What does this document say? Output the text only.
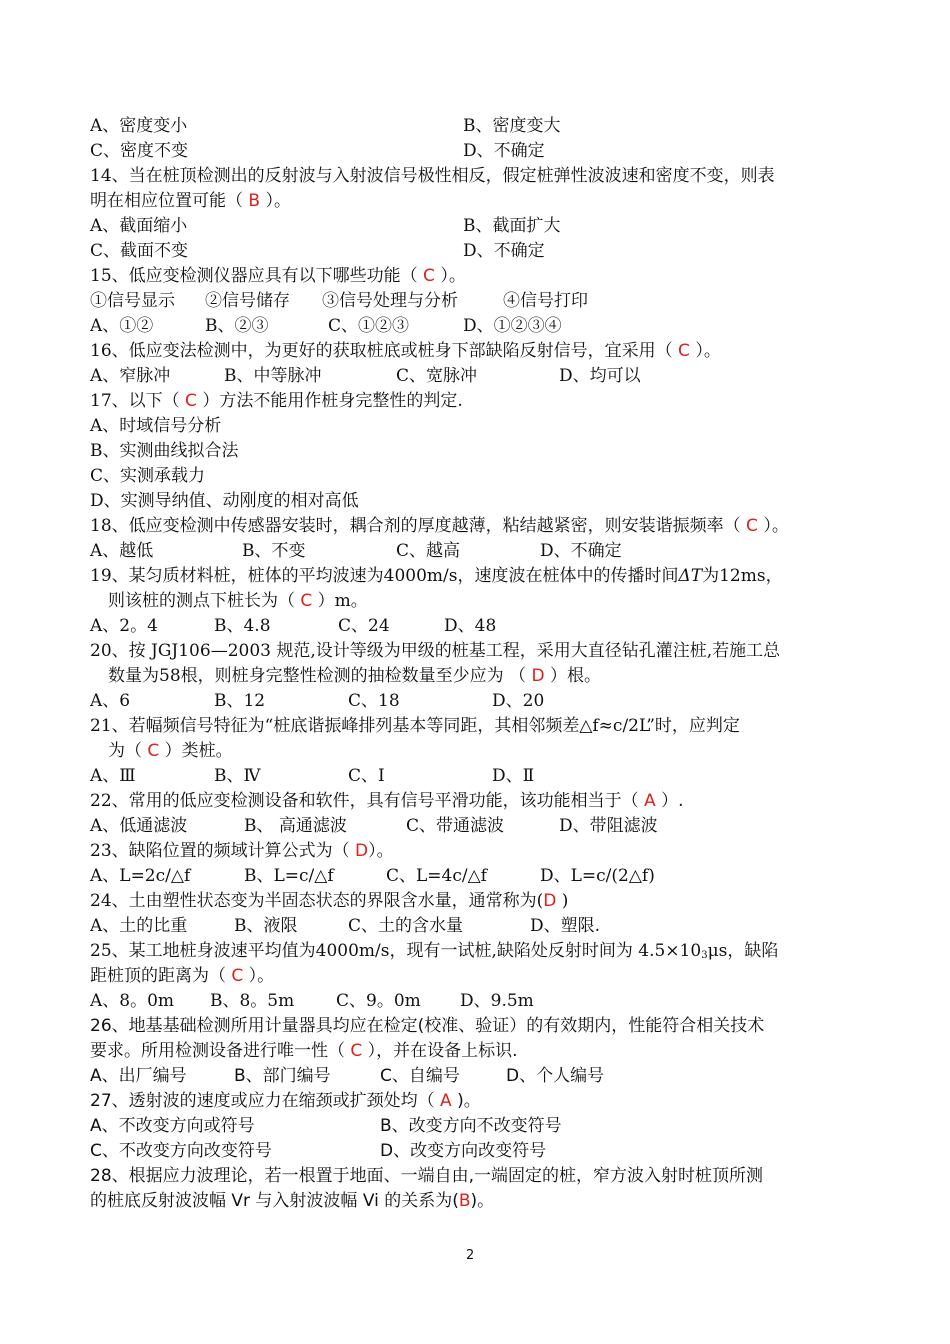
A、密度变小	B、密度变大
C、密度不变	D、不确定
14、当在桩顶检测出的反射波与入射波信号极性相反，假定桩弹性波波速和密度不变，则表
明在相应位置可能（ B ）。
A、截面缩小	B、截面扩大
C、截面不变	D、不确定
15、低应变检测仪器应具有以下哪些功能（ C ）。
①信号显示 ②信号储存 ③信号处理与分析	④信号打印
A、①②	B、②③	C、①②③	D、①②③④
16、低应变法检测中，为更好的获取桩底或桩身下部缺陷反射信号，宜采用（ C ）。
A、窄脉冲	B、中等脉冲	C、宽脉冲	D、均可以
17、以下（ C ）方法不能用作桩身完整性的判定.
A、时域信号分析
B、实测曲线拟合法
C、实测承载力
D、实测导纳值、动刚度的相对高低
18、低应变检测中传感器安装时，耦合剂的厚度越薄，粘结越紧密，则安装谐振频率（ C ）。
A、越低	B、不变	C、越高	D、不确定
19、某匀质材料桩，桩体的平均波速为4000m/s，速度波在桩体中的传播时间ΔT为12ms，
则该桩的测点下桩长为（ C ）m。
A、2。4	B、4.8	C、24	D、48
20、按 JGJ106—2003 规范,设计等级为甲级的桩基工程，采用大直径钻孔灌注桩,若施工总
数量为58根，则桩身完整性检测的抽检数量至少应为 （ D ）根。
A、6	B、12	C、18	D、20
21、若幅频信号特征为“桩底谐振峰排列基本等同距，其相邻频差△f≈c/2L”时，应判定
为（ C ）类桩。
A、Ⅲ	B、Ⅳ	C、Ⅰ	D、Ⅱ
22、常用的低应变检测设备和软件，具有信号平滑功能，该功能相当于（ A ）.
A、低通滤波	B、 高通滤波	C、带通滤波	D、带阻滤波
23、缺陷位置的频域计算公式为（ D）。
A、L=2c/△f	B、L=c/△f	C、L=4c/△f	D、L=c/(2△f)
24、土由塑性状态变为半固态状态的界限含水量，通常称为(D )
A、土的比重	B、液限	C、土的含水量	D、塑限.
25、某工地桩身波速平均值为4000m/s，现有一试桩,缺陷处反射时间为 4.5×103μs，缺陷
距桩顶的距离为（ C ）。
A、8。0m B、8。5m C、9。0m D、9.5m
26、地基基础检测所用计量器具均应在检定(校准、验证）的有效期内，性能符合相关技术
要求。所用检测设备进行唯一性（ C ），并在设备上标识.
A、出厂编号	B、部门编号	C、自编号	D、个人编号
27、透射波的速度或应力在缩颈或扩颈处均（ A )。
A、不改变方向或符号	B、改变方向不改变符号
C、不改变方向改变符号	D、改变方向改变符号
28、根据应力波理论，若一根置于地面、一端自由,一端固定的桩，窄方波入射时桩顶所测
的桩底反射波波幅 Vr 与入射波波幅 Vi 的关系为(B)。
2
